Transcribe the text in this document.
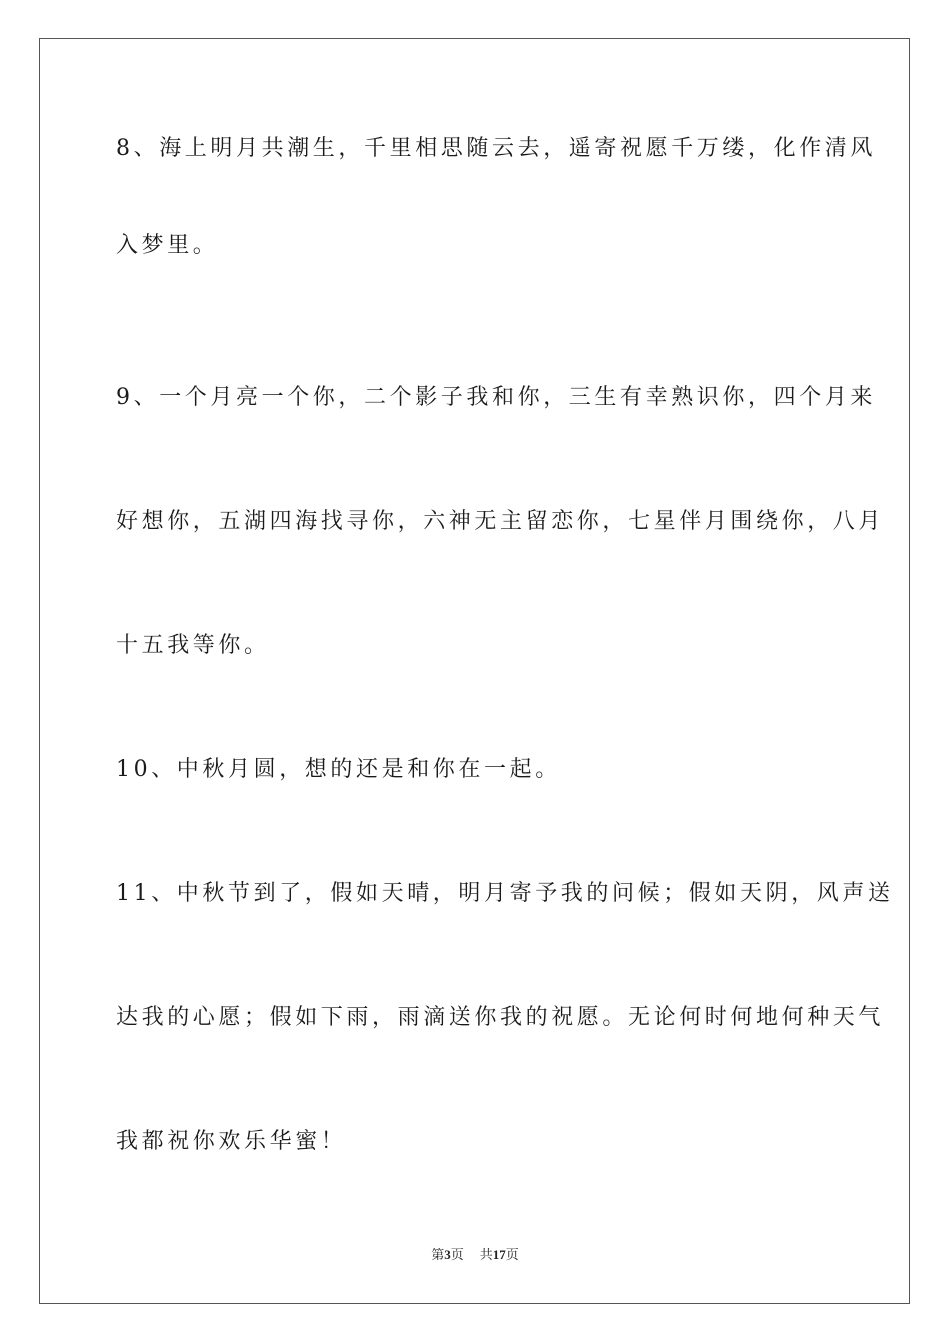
8、海上明月共潮生，千里相思随云去，遥寄祝愿千万缕，化作清风
入梦里。
9、一个月亮一个你，二个影子我和你，三生有幸熟识你，四个月来
好想你，五湖四海找寻你，六神无主留恋你，七星伴月围绕你，八月
十五我等你。
10、中秋月圆，想的还是和你在一起。
11、中秋节到了，假如天晴，明月寄予我的问候；假如天阴，风声送
达我的心愿；假如下雨，雨滴送你我的祝愿。无论何时何地何种天气
我都祝你欢乐华蜜！
第3页 共17页
